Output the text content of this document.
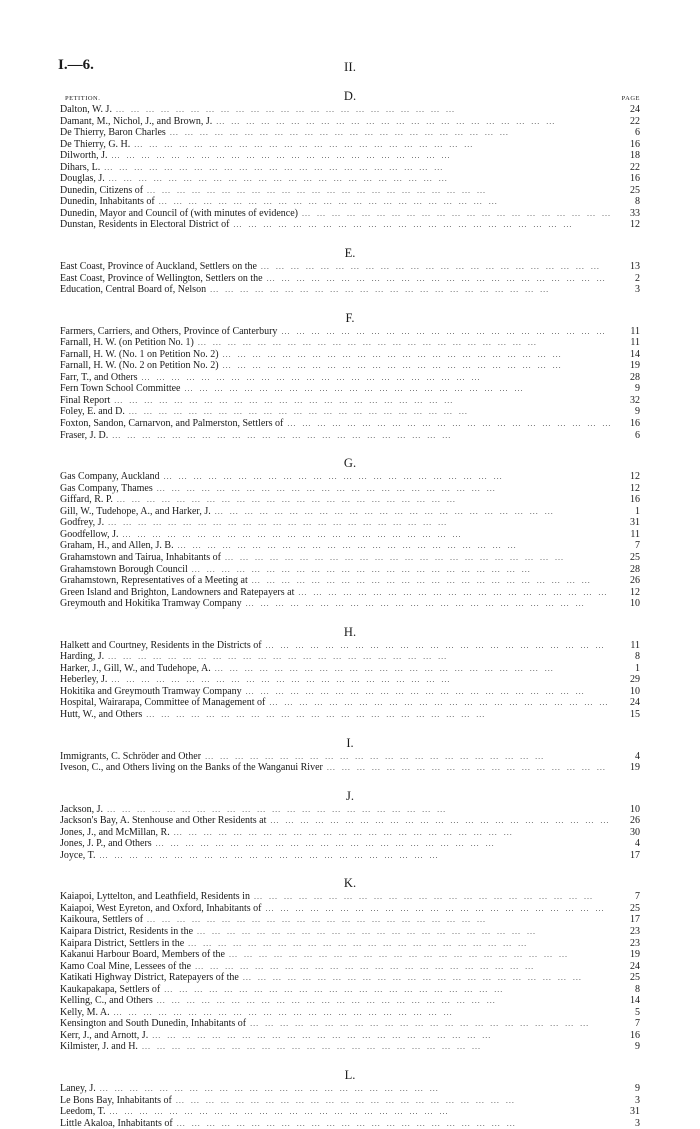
I.—6.	II.
PETITION.	PAGE
D.
Dalton, W. J. ...	24
Damant, M., Nichol, J., and Brown, J. ...	22
De Thierry, Baron Charles ...	6
De Thierry, G. H. ...	16
Dilworth, J. ...	18
Dihars, L. ...	22
Douglas, J. ...	16
Dunedin, Citizens of ...	25
Dunedin, Inhabitants of ...	8
Dunedin, Mayor and Council of (with minutes of evidence) ...	33
Dunstan, Residents in Electoral District of ...	12
E.
East Coast, Province of Auckland, Settlers on the ...	13
East Coast, Province of Wellington, Settlers on the ...	2
Education, Central Board of, Nelson ...	3
F.
Farmers, Carriers, and Others, Province of Canterbury ...	11
Farnall, H. W. (on Petition No. 1) ...	11
Farnall, H. W. (No. 1 on Petition No. 2) ...	14
Farnall, H. W. (No. 2 on Petition No. 2) ...	19
Farr, T., and Others ...	28
Fern Town School Committee ...	9
Final Report ...	32
Foley, E. and D. ...	9
Foxton, Sandon, Carnarvon, and Palmerston, Settlers of ...	16
Fraser, J. D. ...	6
G.
Gas Company, Auckland ...	12
Gas Company, Thames ...	12
Giffard, R. P. ...	16
Gill, W., Tudehope, A., and Harker, J. ...	1
Godfrey, J. ...	31
Goodfellow, J. ...	11
Graham, H., and Allen, J. B. ...	7
Grahamstown and Tairua, Inhabitants of ...	25
Grahamstown Borough Council ...	28
Grahamstown, Representatives of a Meeting at ...	26
Green Island and Brighton, Landowners and Ratepayers at ...	12
Greymouth and Hokitika Tramway Company ...	10
H.
Halkett and Courtney, Residents in the Districts of ...	11
Harding, J. ...	8
Harker, J., Gill, W., and Tudehope, A. ...	1
Heberley, J. ...	29
Hokitika and Greymouth Tramway Company ...	10
Hospital, Wairarapa, Committee of Management of ...	24
Hutt, W., and Others ...	15
I.
Immigrants, C. Schröder and Other ...	4
Iveson, C., and Others living on the Banks of the Wanganui River ...	19
J.
Jackson, J. ...	10
Jackson's Bay, A. Stenhouse and Other Residents at ...	26
Jones, J., and McMillan, R. ...	30
Jones, J. P., and Others ...	4
Joyce, T. ...	17
K.
Kaiapoi, Lyttelton, and Leathfield, Residents in ...	7
Kaiapoi, West Eyreton, and Oxford, Inhabitants of ...	25
Kaikoura, Settlers of ...	17
Kaipara District, Residents in the ...	23
Kaipara District, Settlers in the ...	23
Kakanui Harbour Board, Members of the ...	19
Kamo Coal Mine, Lessees of the ...	24
Katikati Highway District, Ratepayers of the ...	25
Kaukapakapa, Settlers of ...	8
Kelling, C., and Others ...	14
Kelly, M. A. ...	5
Kensington and South Dunedin, Inhabitants of ...	7
Kerr, J., and Arnott, J. ...	16
Kilmister, J. and H. ...	9
L.
Laney, J. ...	9
Le Bons Bay, Inhabitants of ...	3
Leedom, T. ...	31
Little Akaloa, Inhabitants of ...	3
